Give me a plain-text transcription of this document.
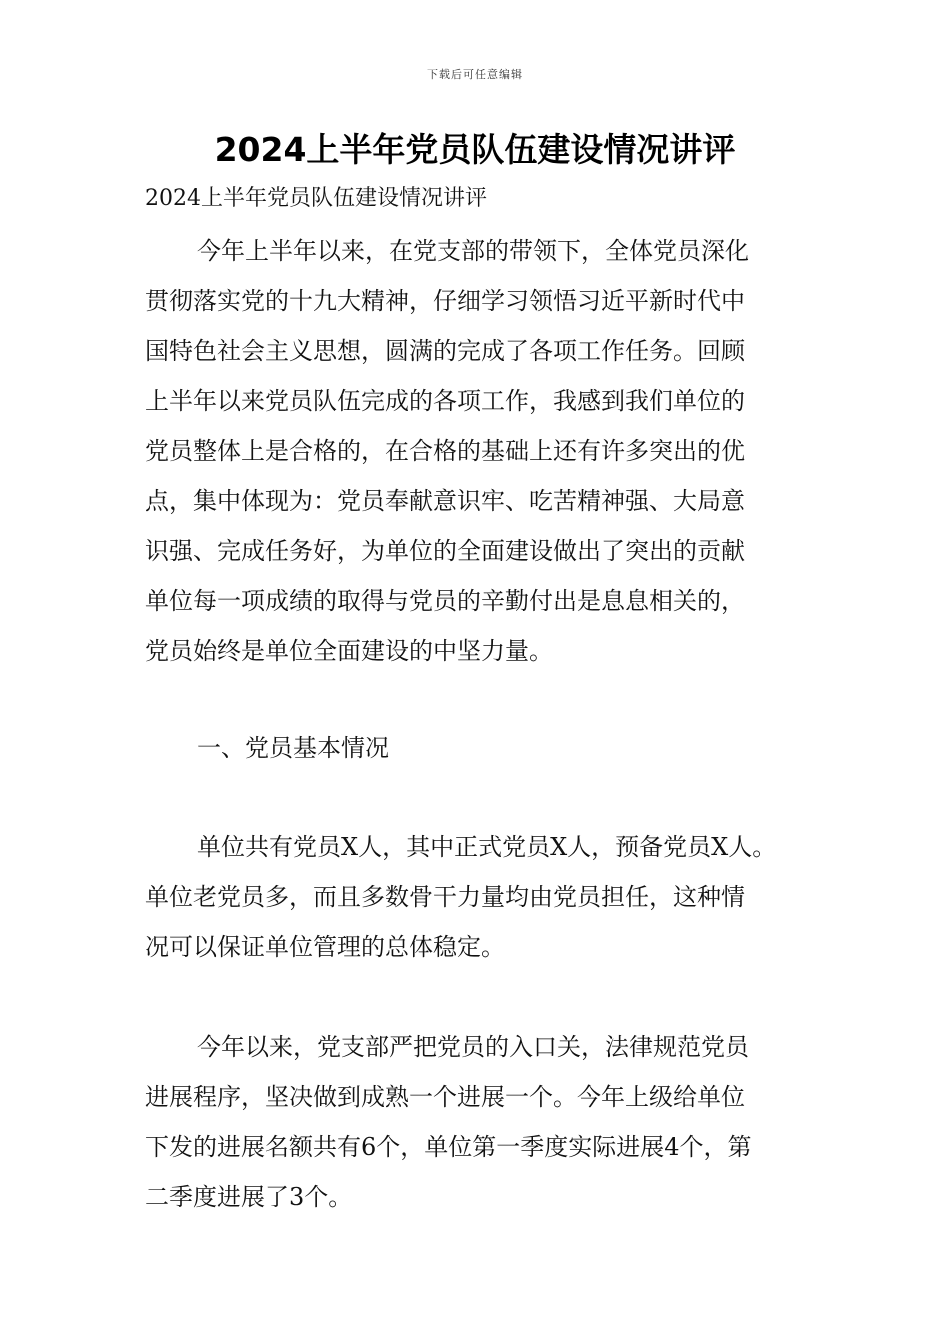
下载后可任意编辑
2024上半年党员队伍建设情况讲评
2024上半年党员队伍建设情况讲评

今年上半年以来，在党支部的带领下，全体党员深化
贯彻落实党的十九大精神，仔细学习领悟习近平新时代中
国特色社会主义思想，圆满的完成了各项工作任务。回顾
上半年以来党员队伍完成的各项工作，我感到我们单位的
党员整体上是合格的，在合格的基础上还有许多突出的优
点，集中体现为：党员奉献意识牢、吃苦精神强、大局意
识强、完成任务好，为单位的全面建设做出了突出的贡献
单位每一项成绩的取得与党员的辛勤付出是息息相关的，
党员始终是单位全面建设的中坚力量。

一、党员基本情况

单位共有党员X人，其中正式党员X人，预备党员X人。
单位老党员多，而且多数骨干力量均由党员担任，这种情
况可以保证单位管理的总体稳定。

今年以来，党支部严把党员的入口关，法律规范党员
进展程序，坚决做到成熟一个进展一个。今年上级给单位
下发的进展名额共有6个，单位第一季度实际进展4个，第
二季度进展了3个。
